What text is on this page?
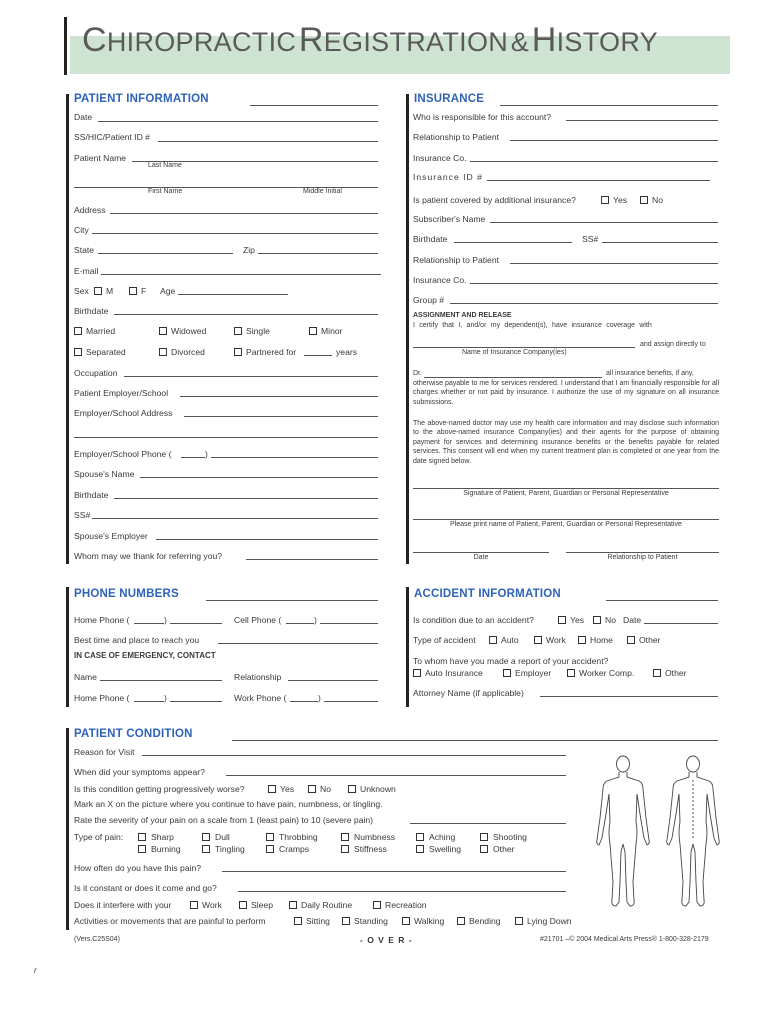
CHIROPRACTIC REGISTRATION & HISTORY
PATIENT INFORMATION
Date
SS/HIC/Patient ID #
Patient Name
Last Name
First Name	Middle Initial
Address
City
State	Zip
E-mail
Sex M	F Age
Birthdate
Married	Widowed	Single	Minor
Separated	Divorced	Partnered for	years
Occupation
Patient Employer/School
Employer/School Address
Employer/School Phone (	)
Spouse's Name
Birthdate
SS#
Spouse's Employer
Whom may we thank for referring you?
INSURANCE
Who is responsible for this account?
Relationship to Patient
Insurance Co.
Insurance ID #
Is patient covered by additional insurance?	Yes	No
Subscriber's Name
Birthdate	SS#
Relationship to Patient
Insurance Co.
Group #
ASSIGNMENT AND RELEASE
I certify that I, and/or my dependent(s), have insurance coverage with
and assign directly to
Name of Insurance Company(ies)
Dr.	all insurance benefits, if any,
otherwise payable to me for services rendered. I understand that I am financially responsible for all charges whether or not paid by insurance. I authorize the use of my signature on all insurance submissions.
The above-named doctor may use my health care information and may disclose such information to the above-named insurance Company(ies) and their agents for the purpose of obtaining payment for services and determining insurance benefits or the benefits payable for related services. This consent will end when my current treatment plan is completed or one year from the date signed below.
Signature of Patient, Parent, Guardian or Personal Representative
Please print name of Patient, Parent, Guardian or Personal Representative
Date	Relationship to Patient
PHONE NUMBERS
Home Phone (	)	Cell Phone (	)
Best time and place to reach you
IN CASE OF EMERGENCY, CONTACT
Name	Relationship
Home Phone (	)	Work Phone (	)
ACCIDENT INFORMATION
Is condition due to an accident?	Yes No Date
Type of accident	Auto	Work	Home	Other
To whom have you made a report of your accident?
Auto Insurance	Employer	Worker Comp.	Other
Attorney Name (if applicable)
PATIENT CONDITION
Reason for Visit
When did your symptoms appear?
Is this condition getting progressively worse?	Yes	No	Unknown
Mark an X on the picture where you continue to have pain, numbness, or tingling.
Rate the severity of your pain on a scale from 1 (least pain) to 10 (severe pain)
Type of pain:	Sharp	Dull	Throbbing	Numbness	Aching	Shooting
Burning	Tingling	Cramps	Stiffness	Swelling	Other
How often do you have this pain?
Is it constant or does it come and go?
Does it interfere with your	Work	Sleep	Daily Routine	Recreation
Activities or movements that are painful to perform	Sitting	Standing	Walking	Bending	Lying Down
(Vers.C25S04)	- O V E R -	#21701 –© 2004 Medical Arts Press® 1-800-328-2179
r
